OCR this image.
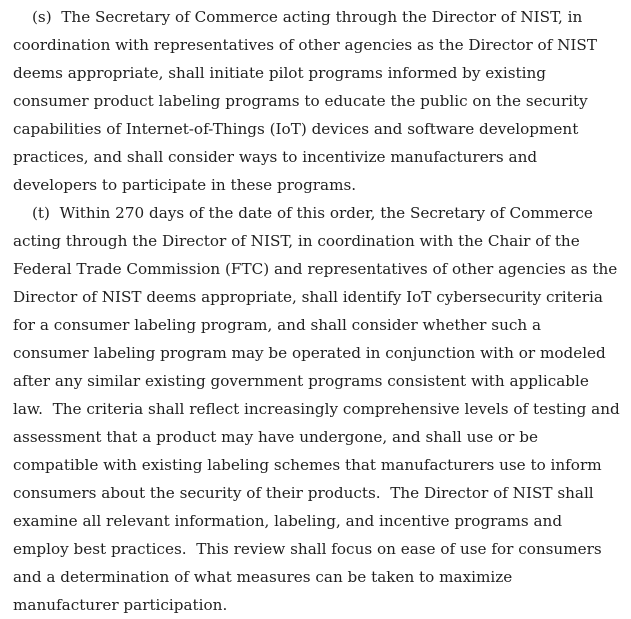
(s)  The Secretary of Commerce acting through the Director of NIST, in
coordination with representatives of other agencies as the Director of NIST
deems appropriate, shall initiate pilot programs informed by existing
consumer product labeling programs to educate the public on the security
capabilities of Internet-of-Things (IoT) devices and software development
practices, and shall consider ways to incentivize manufacturers and
developers to participate in these programs.
(t)  Within 270 days of the date of this order, the Secretary of Commerce
acting through the Director of NIST, in coordination with the Chair of the
Federal Trade Commission (FTC) and representatives of other agencies as the
Director of NIST deems appropriate, shall identify IoT cybersecurity criteria
for a consumer labeling program, and shall consider whether such a
consumer labeling program may be operated in conjunction with or modeled
after any similar existing government programs consistent with applicable
law.  The criteria shall reflect increasingly comprehensive levels of testing and
assessment that a product may have undergone, and shall use or be
compatible with existing labeling schemes that manufacturers use to inform
consumers about the security of their products.  The Director of NIST shall
examine all relevant information, labeling, and incentive programs and
employ best practices.  This review shall focus on ease of use for consumers
and a determination of what measures can be taken to maximize
manufacturer participation.
